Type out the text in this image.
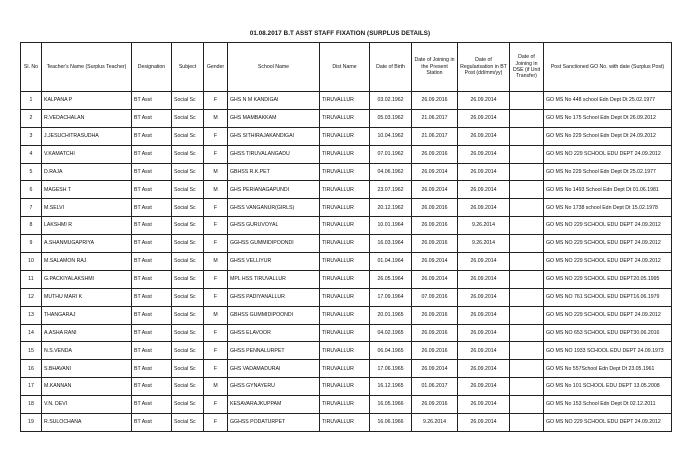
01.08.2017 B.T ASST STAFF FIXATION (SURPLUS DETAILS)
Sl. No	Teacher's Name (Surplus Teacher)	Designation	Subject	Gender	School Name	Dist Name	Date of Birth	Date of Joining in the Present Station	Date of Regularisation in BT Post (dd/mm/yy)	Date of Joining in DSE (if Unit Transfer)	Post Sanctioned GO No. with date (Surplus Post)
1	KALPANA P	BT Asst	Social Sc	F	GHS N M KANDIGAI	TIRUVALLUR	03.02.1962	26.09.2016	26.09.2014		GO MS No 448 school Edn Dept Dt 25.02.1977
2	R.VEDACHALAN	BT Asst	Social Sc	M	GHS MAMBAKKAM	TIRUVALLUR	05.03.1962	21.06.2017	26.09.2014		GO MS No 175 School Edn Dept Dt 26.09.2012
3	J.JESUCHITRASUDHA	BT Asst	Social Sc	F	GHS SITHIRAJAKANDIGAI	TIRUVALLUR	10.04.1962	21.06.2017	26.09.2014		GO MS No 229 School Edn Dept Dt 24.09.2012
4	V.KAMATCHI	BT Asst	Social Sc	F	GHSS TIRUVALANGADU	TIRUVALLUR	07.01.1962	26.09.2016	26.09.2014		GO MS NO 229 SCHOOL EDU DEPT 24.09.2012
5	D.RAJA	BT Asst	Social Sc	M	GBHSS R.K.PET	TIRUVALLUR	04.06.1962	26.09.2014	26.09.2014		GO MS No 229 School Edn Dept Dt 25.02.1977
6	MAGESH T	BT Asst	Social Sc	M	GHS PERIANAGAPUNDI	TIRUVALLUR	23.07.1962	26.09.2014	26.09.2014		GO MS No 1493 School Edn Dept Dt 01.06.1981
7	M.SELVI	BT Asst	Social Sc	F	GHSS VANGANUR(GIRLS)	TIRUVALLUR	20.12.1962	26.09.2016	26.09.2014		GO MS No 1738 school Edn Dept Dt 15.02.1978
8	LAKSHMI R	BT Asst	Social Sc	F	GHSS GURUVOYAL	TIRUVALLUR	10.01.1964	26.09.2016	9.26.2014		GO MS NO 229 SCHOOL EDU DEPT 24.09.2012
9	A.SHANMUGAPRIYA	BT Asst	Social Sc	F	GGHSS GUMMIDIPOONDI	TIRUVALLUR	16.03.1964	26.09.2016	9.26.2014		GO MS NO 229 SCHOOL EDU DEPT 24.09.2012
10	M.SALAMON RAJ	BT Asst	Social Sc	M	GHSS VELLIYUR	TIRUVALLUR	01.04.1964	26.09.2014	26.09.2014		GO MS NO 229 SCHOOL EDU DEPT 24.09.2012
11	G.PACKIYALAKSHMI	BT Asst	Social Sc	F	MPL HSS TIRUVALLUR	TIRUVALLUR	26.05.1964	26.09.2014	26.09.2014		GO MS NO 229 SCHOOL EDU DEPT20.05.1995
12	MUTHU MARI K	BT Asst	Social Sc	F	GHSS PADIYANALLUR	TIRUVALLUR	17.09.1964	07.09.2016	26.09.2014		GO MS NO 761 SCHOOL EDU DEPT16.06.1979
13	THANGARAJ	BT Asst	Social Sc	M	GBHSS GUMMIDIPOONDI	TIRUVALLUR	20.01.1965	26.09.2016	26.09.2014		GO MS NO 229 SCHOOL EDU DEPT 24.09.2012
14	A.ASHA RANI	BT Asst	Social Sc	F	GHSS ELAVOOR	TIRUVALLUR	04.02.1965	26.09.2016	26.09.2014		GO MS NO 653 SCHOOL EDU DEPT30.06.2016
15	N.S.VENDA	BT Asst	Social Sc	F	GHSS PENNALURPET	TIRUVALLUR	06.04.1965	26.09.2016	26.09.2014		GO MS NO 1933 SCHOOL EDU DEPT 24.09.1973
16	S.BHAVANI	BT Asst	Social Sc	F	GHS VADAMADURAI	TIRUVALLUR	17.06.1965	26.09.2014	26.09.2014		GO MS No 557School Edn Dept Dt 23.05.1961
17	M.KANNAN	BT Asst	Social Sc	M	GHSS GYNAYERU	TIRUVALLUR	16.12.1965	01.06.2017	26.09.2014		GO MS No 101 SCHOOL EDU DEPT 13.05.2008
18	V.N. DEVI	BT Asst	Social Sc	F	KESAVARAJKUPPAM	TIRUVALLUR	16.05.1966	26.09.2016	26.09.2014		GO MS No 153 School Edn Dept Dt 02.12.2011
19	R.SULOCHANA	BT Asst	Social Sc	F	GGHSS PODATURPET	TIRUVALLUR	16.06.1966	9.26.2014	26.09.2014		GO MS NO 229 SCHOOL EDU DEPT 24.09.2012
